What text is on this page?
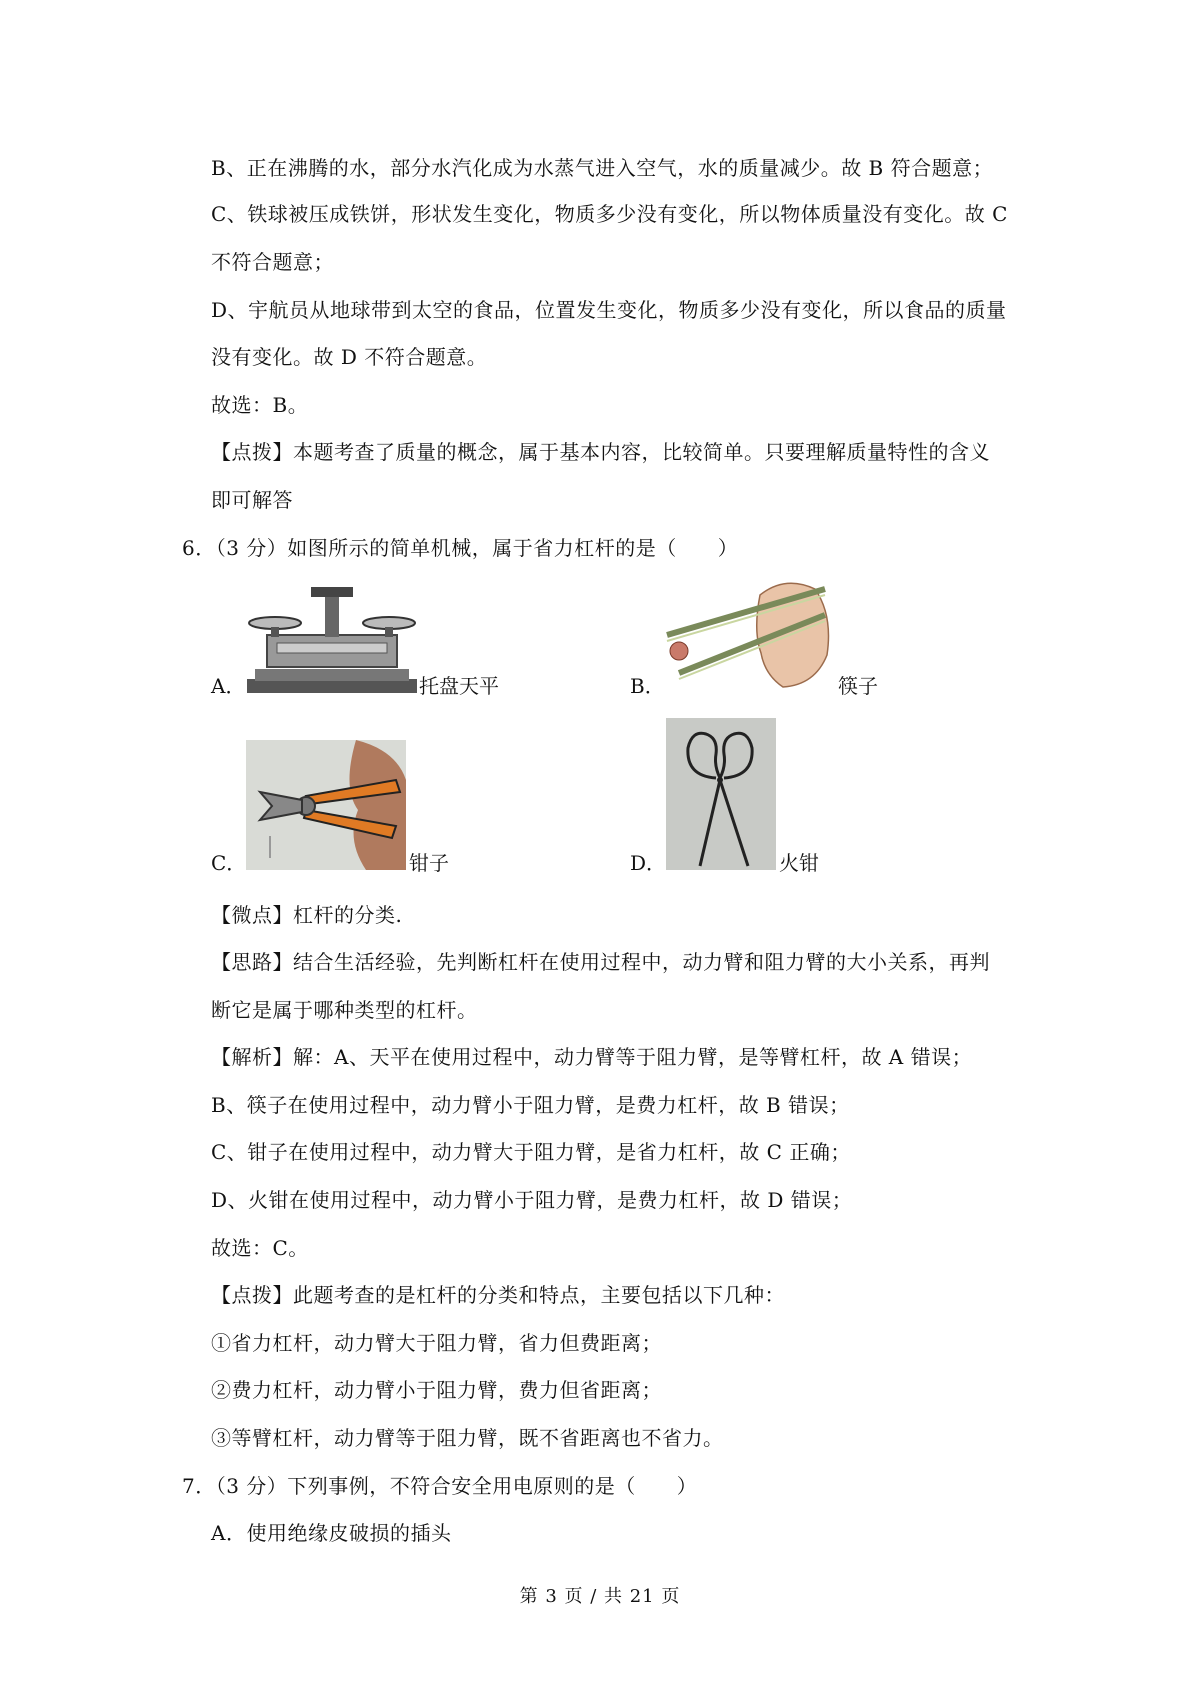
B、正在沸腾的水，部分水汽化成为水蒸气进入空气，水的质量减少。故 B 符合题意；
C、铁球被压成铁饼，形状发生变化，物质多少没有变化，所以物体质量没有变化。故 C
不符合题意；
D、宇航员从地球带到太空的食品，位置发生变化，物质多少没有变化，所以食品的质量
没有变化。故 D 不符合题意。
故选：B。
【点拨】本题考查了质量的概念，属于基本内容，比较简单。只要理解质量特性的含义
即可解答
6．（3 分）如图所示的简单机械，属于省力杠杆的是（　　）
A．	托盘天平	B．	筷子
C．	钳子	D．	火钳
【微点】杠杆的分类.
【思路】结合生活经验，先判断杠杆在使用过程中，动力臂和阻力臂的大小关系，再判
断它是属于哪种类型的杠杆。
【解析】解：A、天平在使用过程中，动力臂等于阻力臂，是等臂杠杆，故 A 错误；
B、筷子在使用过程中，动力臂小于阻力臂，是费力杠杆，故 B 错误；
C、钳子在使用过程中，动力臂大于阻力臂，是省力杠杆，故 C 正确；
D、火钳在使用过程中，动力臂小于阻力臂，是费力杠杆，故 D 错误；
故选：C。
【点拨】此题考查的是杠杆的分类和特点，主要包括以下几种：
①省力杠杆，动力臂大于阻力臂，省力但费距离；
②费力杠杆，动力臂小于阻力臂，费力但省距离；
③等臂杠杆，动力臂等于阻力臂，既不省距离也不省力。
7．（3 分）下列事例，不符合安全用电原则的是（　　）
A．使用绝缘皮破损的插头
第 3 页 / 共 21 页
